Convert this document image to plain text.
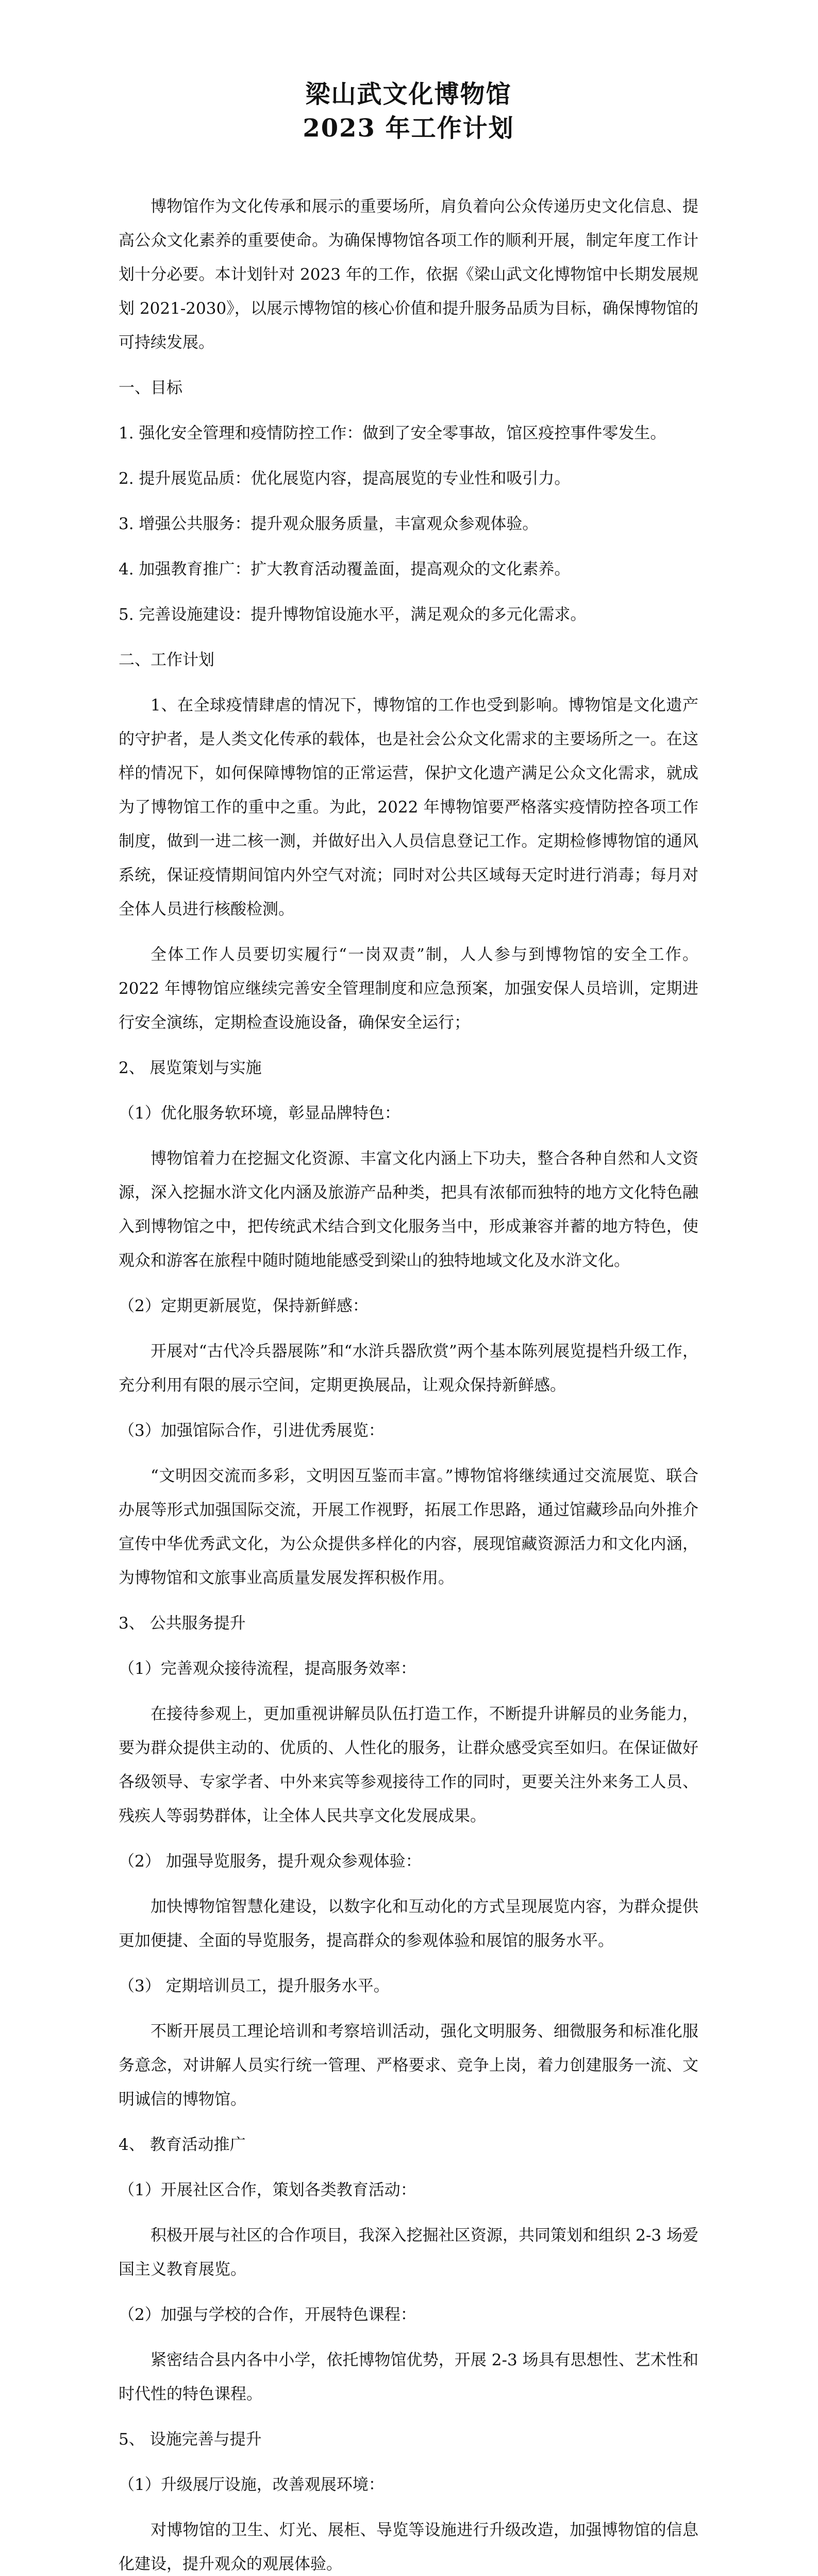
梁山武文化博物馆
2023 年工作计划

博物馆作为文化传承和展示的重要场所，肩负着向公众传递历史文化信息、提高公众文化素养的重要使命。为确保博物馆各项工作的顺利开展，制定年度工作计划十分必要。本计划针对 2023 年的工作，依据《梁山武文化博物馆中长期发展规划 2021-2030》，以展示博物馆的核心价值和提升服务品质为目标，确保博物馆的可持续发展。

一、目标

1. 强化安全管理和疫情防控工作：做到了安全零事故，馆区疫控事件零发生。

2. 提升展览品质：优化展览内容，提高展览的专业性和吸引力。

3. 增强公共服务：提升观众服务质量，丰富观众参观体验。

4. 加强教育推广：扩大教育活动覆盖面，提高观众的文化素养。

5. 完善设施建设：提升博物馆设施水平，满足观众的多元化需求。

二、工作计划

1、在全球疫情肆虐的情况下，博物馆的工作也受到影响。博物馆是文化遗产的守护者，是人类文化传承的载体，也是社会公众文化需求的主要场所之一。在这样的情况下，如何保障博物馆的正常运营，保护文化遗产满足公众文化需求，就成为了博物馆工作的重中之重。为此，2022 年博物馆要严格落实疫情防控各项工作制度，做到一进二核一测，并做好出入人员信息登记工作。定期检修博物馆的通风系统，保证疫情期间馆内外空气对流；同时对公共区域每天定时进行消毒；每月对全体人员进行核酸检测。

全体工作人员要切实履行“一岗双责”制，人人参与到博物馆的安全工作。2022 年博物馆应继续完善安全管理制度和应急预案，加强安保人员培训，定期进行安全演练，定期检查设施设备，确保安全运行；

2、 展览策划与实施

（1）优化服务软环境，彰显品牌特色：

博物馆着力在挖掘文化资源、丰富文化内涵上下功夫，整合各种自然和人文资源，深入挖掘水浒文化内涵及旅游产品种类，把具有浓郁而独特的地方文化特色融入到博物馆之中，把传统武术结合到文化服务当中，形成兼容并蓄的地方特色，使观众和游客在旅程中随时随地能感受到梁山的独特地域文化及水浒文化。

（2）定期更新展览，保持新鲜感：

开展对“古代冷兵器展陈”和“水浒兵器欣赏”两个基本陈列展览提档升级工作，充分利用有限的展示空间，定期更换展品，让观众保持新鲜感。

（3）加强馆际合作，引进优秀展览：

“文明因交流而多彩，文明因互鉴而丰富。”博物馆将继续通过交流展览、联合办展等形式加强国际交流，开展工作视野，拓展工作思路，通过馆藏珍品向外推介宣传中华优秀武文化，为公众提供多样化的内容，展现馆藏资源活力和文化内涵，为博物馆和文旅事业高质量发展发挥积极作用。

3、 公共服务提升

（1）完善观众接待流程，提高服务效率：

在接待参观上，更加重视讲解员队伍打造工作，不断提升讲解员的业务能力，要为群众提供主动的、优质的、人性化的服务，让群众感受宾至如归。在保证做好各级领导、专家学者、中外来宾等参观接待工作的同时，更要关注外来务工人员、残疾人等弱势群体，让全体人民共享文化发展成果。

（2） 加强导览服务，提升观众参观体验：

加快博物馆智慧化建设，以数字化和互动化的方式呈现展览内容，为群众提供更加便捷、全面的导览服务，提高群众的参观体验和展馆的服务水平。

（3） 定期培训员工，提升服务水平。

不断开展员工理论培训和考察培训活动，强化文明服务、细微服务和标准化服务意念，对讲解人员实行统一管理、严格要求、竞争上岗，着力创建服务一流、文明诚信的博物馆。

4、 教育活动推广

（1）开展社区合作，策划各类教育活动：

积极开展与社区的合作项目，我深入挖掘社区资源，共同策划和组织 2-3 场爱国主义教育展览。

（2）加强与学校的合作，开展特色课程：

紧密结合县内各中小学，依托博物馆优势，开展 2-3 场具有思想性、艺术性和时代性的特色课程。

5、 设施完善与提升

（1）升级展厅设施，改善观展环境：

对博物馆的卫生、灯光、展柜、导览等设施进行升级改造，加强博物馆的信息化建设，提升观众的观展体验。
